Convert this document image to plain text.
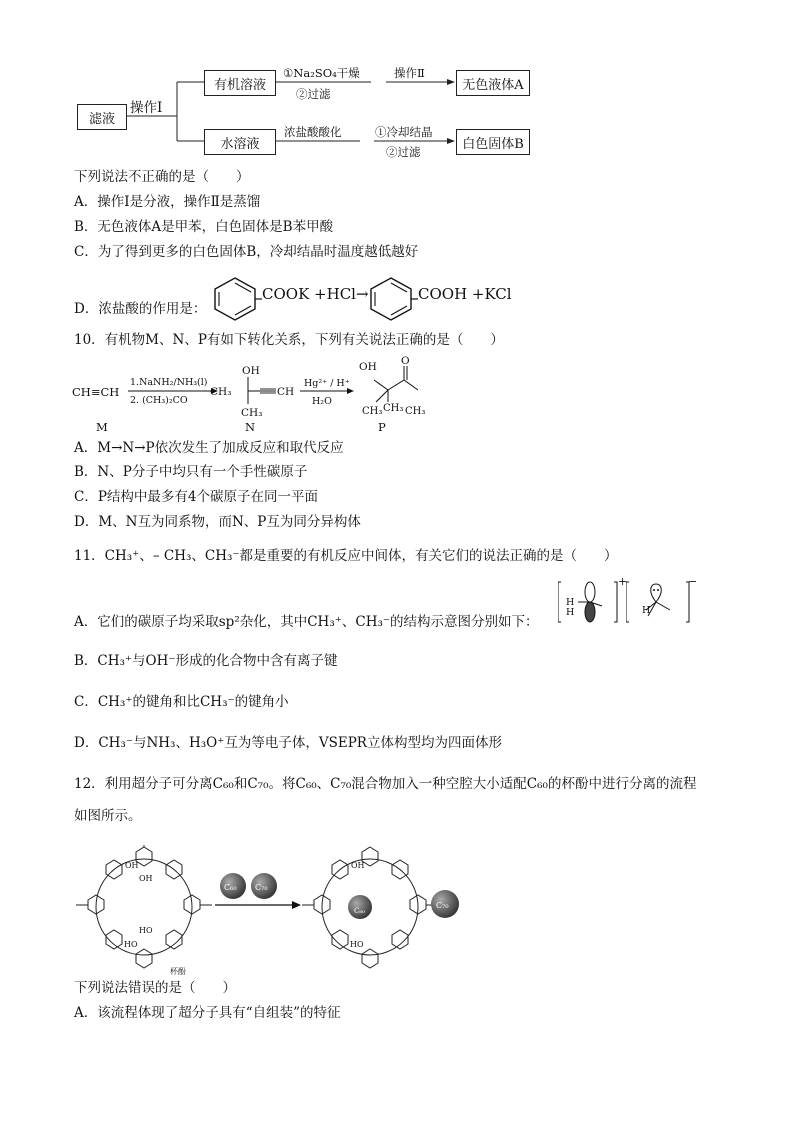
滤液
操作Ⅰ
有机溶液
水溶液
①Na₂SO₄干燥
②过滤
操作Ⅱ
无色液体A
浓盐酸酸化	①冷却结晶
②过滤
白色固体B
下列说法不正确的是（　　）
A．操作Ⅰ是分液，操作Ⅱ是蒸馏
B．无色液体A是甲苯，白色固体是B苯甲酸
C．为了得到更多的白色固体B，冷却结晶时温度越低越好
D．浓盐酸的作用是：
COOK +HCl→	COOH +KCl
10．有机物M、N、P有如下转化关系，下列有关说法正确的是（　　）
CH≡CH
1.NaNH₂/NH₃(l)
2. (CH₃)₂CO
CH₃
OH
CH₃
CH
Hg²⁺ / H⁺
H₂O
OH O
CH₃ CH₃ CH₃
M	N	P
A．M→N→P依次发生了加成反应和取代反应
B．N、P分子中均只有一个手性碳原子
C．P结构中最多有4个碳原子在同一平面
D．M、N互为同系物，而N、P互为同分异构体
11．CH₃⁺、– CH₃、CH₃⁻都是重要的有机反应中间体，有关它们的说法正确的是（　　）
A．它们的碳原子均采取sp²杂化，其中CH₃⁺、CH₃⁻的结构示意图分别如下：
H
H
+
H
−
B．CH₃⁺与OH⁻形成的化合物中含有离子键
C．CH₃⁺的键角和比CH₃⁻的键角小
D．CH₃⁻与NH₃、H₃O⁺互为等电子体，VSEPR立体构型均为四面体形
12．利用超分子可分离C₆₀和C₇₀。将C₆₀、C₇₀混合物加入一种空腔大小适配C₆₀的杯酚中进行分离的流程
如图所示。
OH
OH
HO
HO
杯酚
C₆₀ C₇₀
OH
HO
C₆₀
C₇₀
下列说法错误的是（　　）
A．该流程体现了超分子具有“自组装”的特征
